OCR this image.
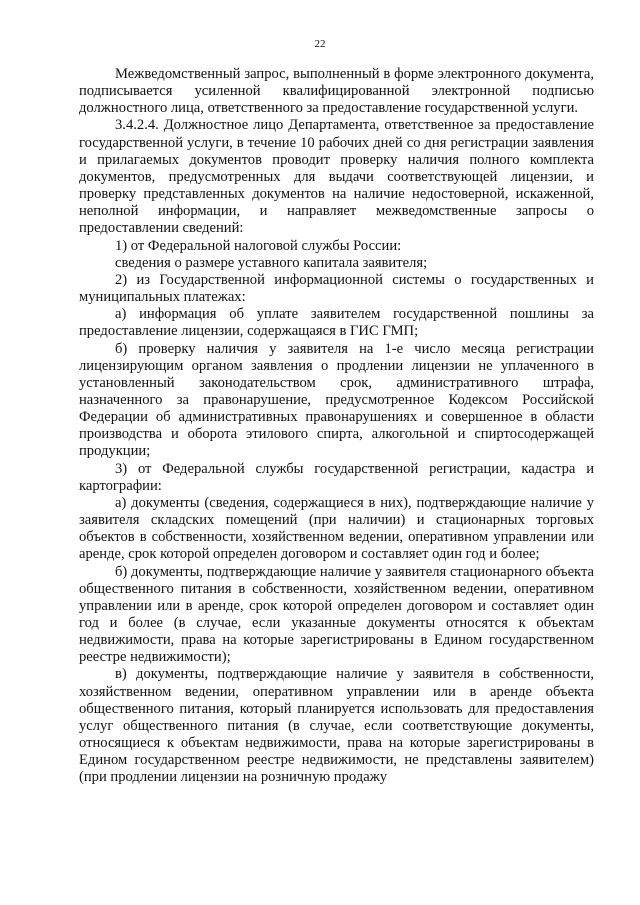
22

Межведомственный запрос, выполненный в форме электронного документа, подписывается усиленной квалифицированной электронной подписью должностного лица, ответственного за предоставление государственной услуги.

3.4.2.4. Должностное лицо Департамента, ответственное за предоставление государственной услуги, в течение 10 рабочих дней со дня регистрации заявления и прилагаемых документов проводит проверку наличия полного комплекта документов, предусмотренных для выдачи соответствующей лицензии, и проверку представленных документов на наличие недостоверной, искаженной, неполной информации, и направляет межведомственные запросы о предоставлении сведений:

1) от Федеральной налоговой службы России:

сведения о размере уставного капитала заявителя;

2) из Государственной информационной системы о государственных и муниципальных платежах:

а) информация об уплате заявителем государственной пошлины за предоставление лицензии, содержащаяся в ГИС ГМП;

б) проверку наличия у заявителя на 1-е число месяца регистрации лицензирующим органом заявления о продлении лицензии не уплаченного в установленный законодательством срок, административного штрафа, назначенного за правонарушение, предусмотренное Кодексом Российской Федерации об административных правонарушениях и совершенное в области производства и оборота этилового спирта, алкогольной и спиртосодержащей продукции;

3) от Федеральной службы государственной регистрации, кадастра и картографии:

а) документы (сведения, содержащиеся в них), подтверждающие наличие у заявителя складских помещений (при наличии) и стационарных торговых объектов в собственности, хозяйственном ведении, оперативном управлении или аренде, срок которой определен договором и составляет один год и более;

б) документы, подтверждающие наличие у заявителя стационарного объекта общественного питания в собственности, хозяйственном ведении, оперативном управлении или в аренде, срок которой определен договором и составляет один год и более (в случае, если указанные документы относятся к объектам недвижимости, права на которые зарегистрированы в Едином государственном реестре недвижимости);

в) документы, подтверждающие наличие у заявителя в собственности, хозяйственном ведении, оперативном управлении или в аренде объекта общественного питания, который планируется использовать для предоставления услуг общественного питания (в случае, если соответствующие документы, относящиеся к объектам недвижимости, права на которые зарегистрированы в Едином государственном реестре недвижимости, не представлены заявителем) (при продлении лицензии на розничную продажу
